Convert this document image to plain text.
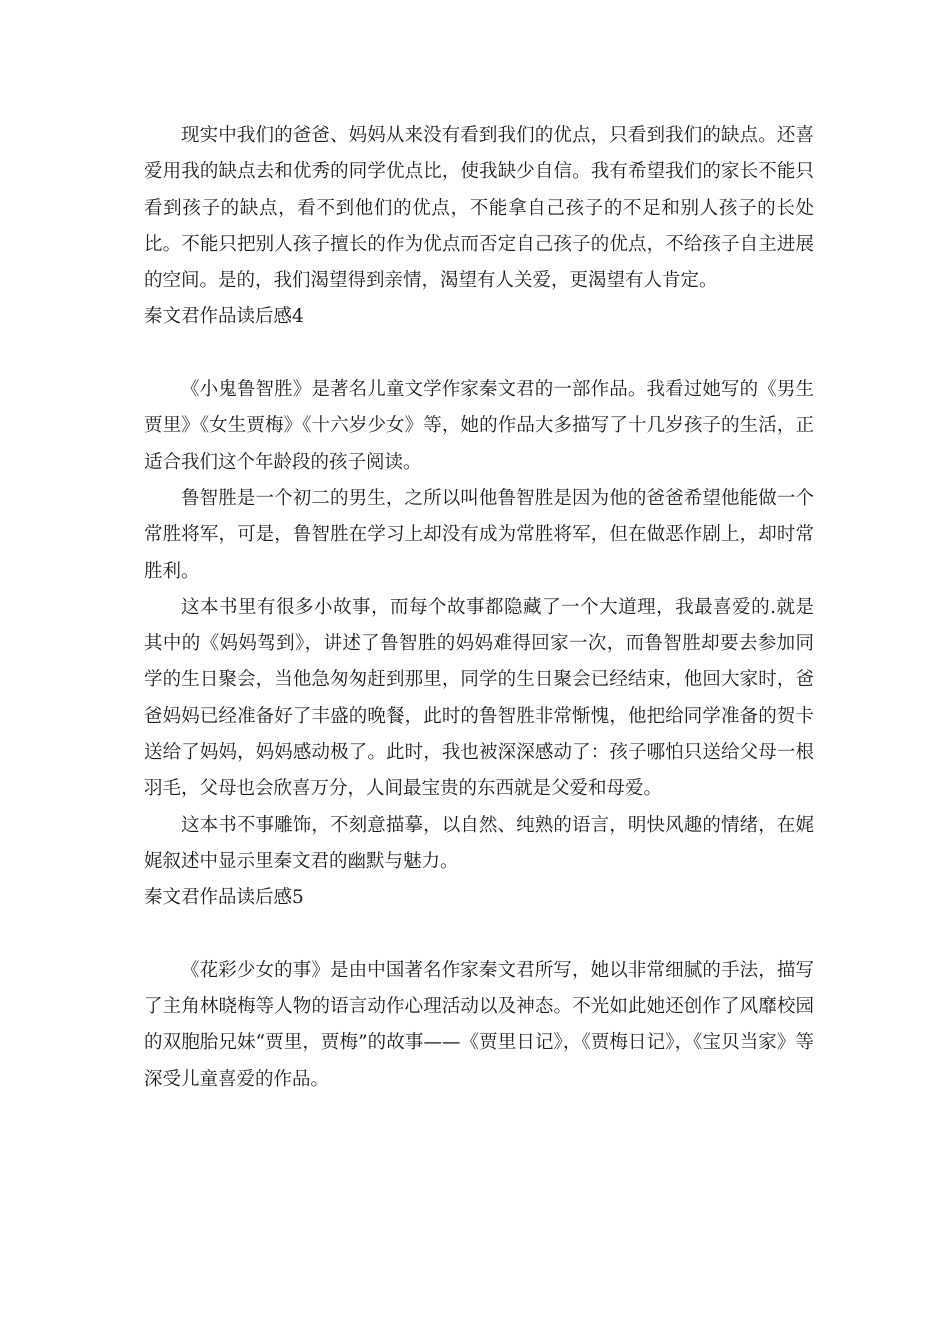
现实中我们的爸爸、妈妈从来没有看到我们的优点，只看到我们的缺点。还喜爱用我的缺点去和优秀的同学优点比，使我缺少自信。我有希望我们的家长不能只看到孩子的缺点，看不到他们的优点，不能拿自己孩子的不足和别人孩子的长处比。不能只把别人孩子擅长的作为优点而否定自己孩子的优点，不给孩子自主进展的空间。是的，我们渴望得到亲情，渴望有人关爱，更渴望有人肯定。

秦文君作品读后感4

《小鬼鲁智胜》是著名儿童文学作家秦文君的一部作品。我看过她写的《男生贾里》《女生贾梅》《十六岁少女》等，她的作品大多描写了十几岁孩子的生活，正适合我们这个年龄段的孩子阅读。

鲁智胜是一个初二的男生，之所以叫他鲁智胜是因为他的爸爸希望他能做一个常胜将军，可是，鲁智胜在学习上却没有成为常胜将军，但在做恶作剧上，却时常胜利。

这本书里有很多小故事，而每个故事都隐藏了一个大道理，我最喜爱的.就是其中的《妈妈驾到》，讲述了鲁智胜的妈妈难得回家一次，而鲁智胜却要去参加同学的生日聚会，当他急匆匆赶到那里，同学的生日聚会已经结束，他回大家时，爸爸妈妈已经准备好了丰盛的晚餐，此时的鲁智胜非常惭愧，他把给同学准备的贺卡送给了妈妈，妈妈感动极了。此时，我也被深深感动了：孩子哪怕只送给父母一根羽毛，父母也会欣喜万分，人间最宝贵的东西就是父爱和母爱。

这本书不事雕饰，不刻意描摹，以自然、纯熟的语言，明快风趣的情绪，在娓娓叙述中显示里秦文君的幽默与魅力。

秦文君作品读后感5

《花彩少女的事》是由中国著名作家秦文君所写，她以非常细腻的手法，描写了主角林晓梅等人物的语言动作心理活动以及神态。不光如此她还创作了风靡校园的双胞胎兄妹“贾里，贾梅”的故事——《贾里日记》，《贾梅日记》，《宝贝当家》等深受儿童喜爱的作品。
